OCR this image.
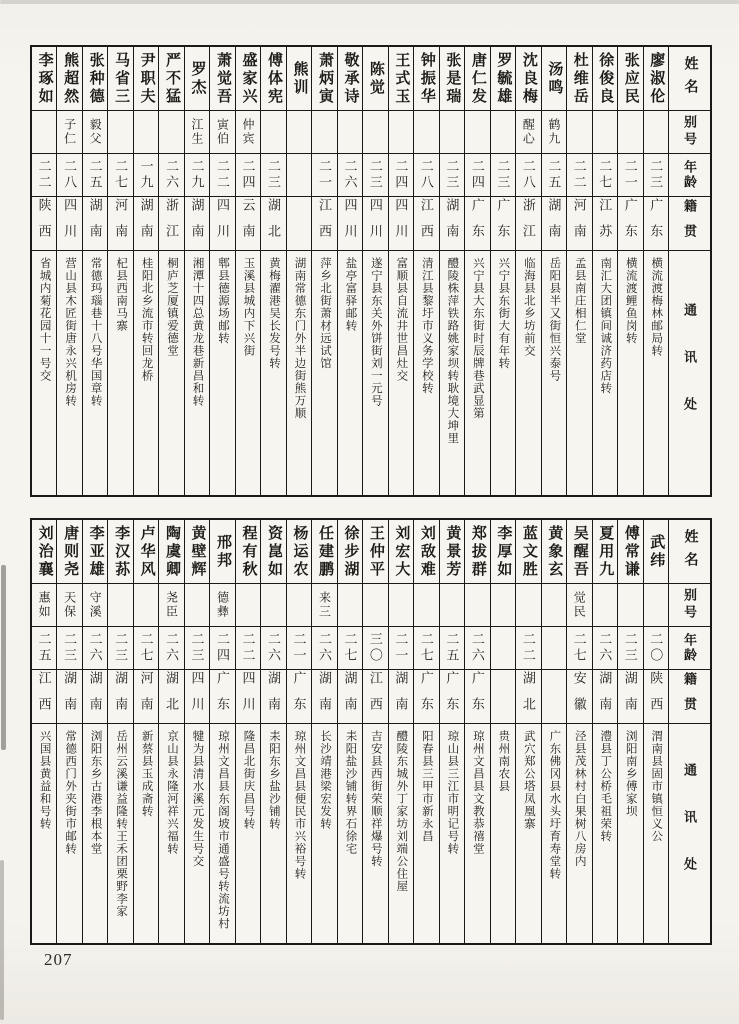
姓名
别号
年龄
籍贯
通讯处
廖淑伦
二三
广东
横流渡梅林邮局转
张应民
二一
广东
横流渡鲤鱼岗转
徐俊良
二七
江苏
南汇大团镇间诚济药店转
杜维岳
二二
河南
孟县南庄相仁堂
汤鸣
鹤九
二五
湖南
岳阳县半又街恒兴泰号
沈良梅
醒心
二八
浙江
临海县北乡坊前交
罗毓雄
二三
广东
兴宁县东街大有年转
唐仁发
二四
广东
兴宁县大东街时辰牌巷武显第
张是瑞
二三
湖南
醴陵株萍铁路姚家坝转耿境大坤里
钟振华
二八
江西
清江县黎圩市义务学校转
王式玉
二四
四川
富顺县自流井世昌灶交
陈觉
二三
四川
遂宁县东关外饼街刘一元号
敬承诗
二六
四川
盐亭富驿邮转
萧炳寅
二一
江西
萍乡北街萧材远试馆
熊训
湖南常德东门外半边街熊万顺
傅体宪
二三
湖北
黄梅濯港吴长发号转
盛家兴
仲宾
二四
云南
玉溪县城内下兴街
萧觉吾
寅伯
二二
四川
郫县德源场邮转
罗杰
江生
二九
湖南
湘潭十四总黄龙巷新昌和转
严不猛
二六
浙江
桐庐芝厦镇爱德堂
尹职夫
一九
湖南
桂阳北乡流市转回龙桥
马省三
二七
河南
杞县西南马寨
张种德
毅父
二五
湖南
常德玛瑙巷十八号华国章转
熊超然
子仁
二八
四川
营山县木匠街唐永兴机房转
李琢如
二二
陕西
省城内菊花园十一号交
姓名
别号
年龄
籍贯
通讯处
武纬
二〇
陕西
渭南县固市镇恒义公
傅常谦
二三
湖南
浏阳南乡傅家坝
夏用九
二六
湖南
澧县丁公桥毛祖荣转
吴醒吾
觉民
二七
安徽
泾县茂林村白果树八房内
黄象玄
广东佛冈县水头圩育寿堂转
蓝文胜
二二
湖北
武穴郑公塔凤凰寨
李厚如
贵州南农县
郑拔群
二六
广东
琼州文昌县文教恭禧堂
黄景芳
二五
广东
琼山县三江市明记号转
刘敌难
二七
广东
阳春县三甲市新永昌
刘宏大
二一
湖南
醴陵东城外丁家坊刘端公住屋
王仲平
三〇
江西
吉安县西街荣顺祥爆号转
徐步湖
二七
湖南
耒阳盐沙铺转界石徐宅
任建鹏
来三
二六
湖南
长沙靖港梁宏发转
杨运农
二一
广东
琼州文昌县便民市兴裕号转
资崑如
二六
湖南
耒阳东乡盐沙铺转
程有秋
二二
四川
隆昌北街庆昌号转
邢邦
德彝
二四
广东
琼州文昌县东阁坡市通盛号转流坊村
黄壁辉
二三
四川
犍为县清水溪元发生号交
陶虞卿
尧臣
二六
湖北
京山县永隆河祥兴福转
卢华风
二七
河南
新蔡县玉成斋转
李汉荪
二三
湖南
岳州云溪谦益隆转王禾团栗野李家
李亚雄
守溪
二六
湖南
浏阳东乡古港李根本堂
唐则尧
天保
二三
湖南
常德西门外夹街市邮转
刘治襄
惠如
二五
江西
兴国县黄益和号转
207
